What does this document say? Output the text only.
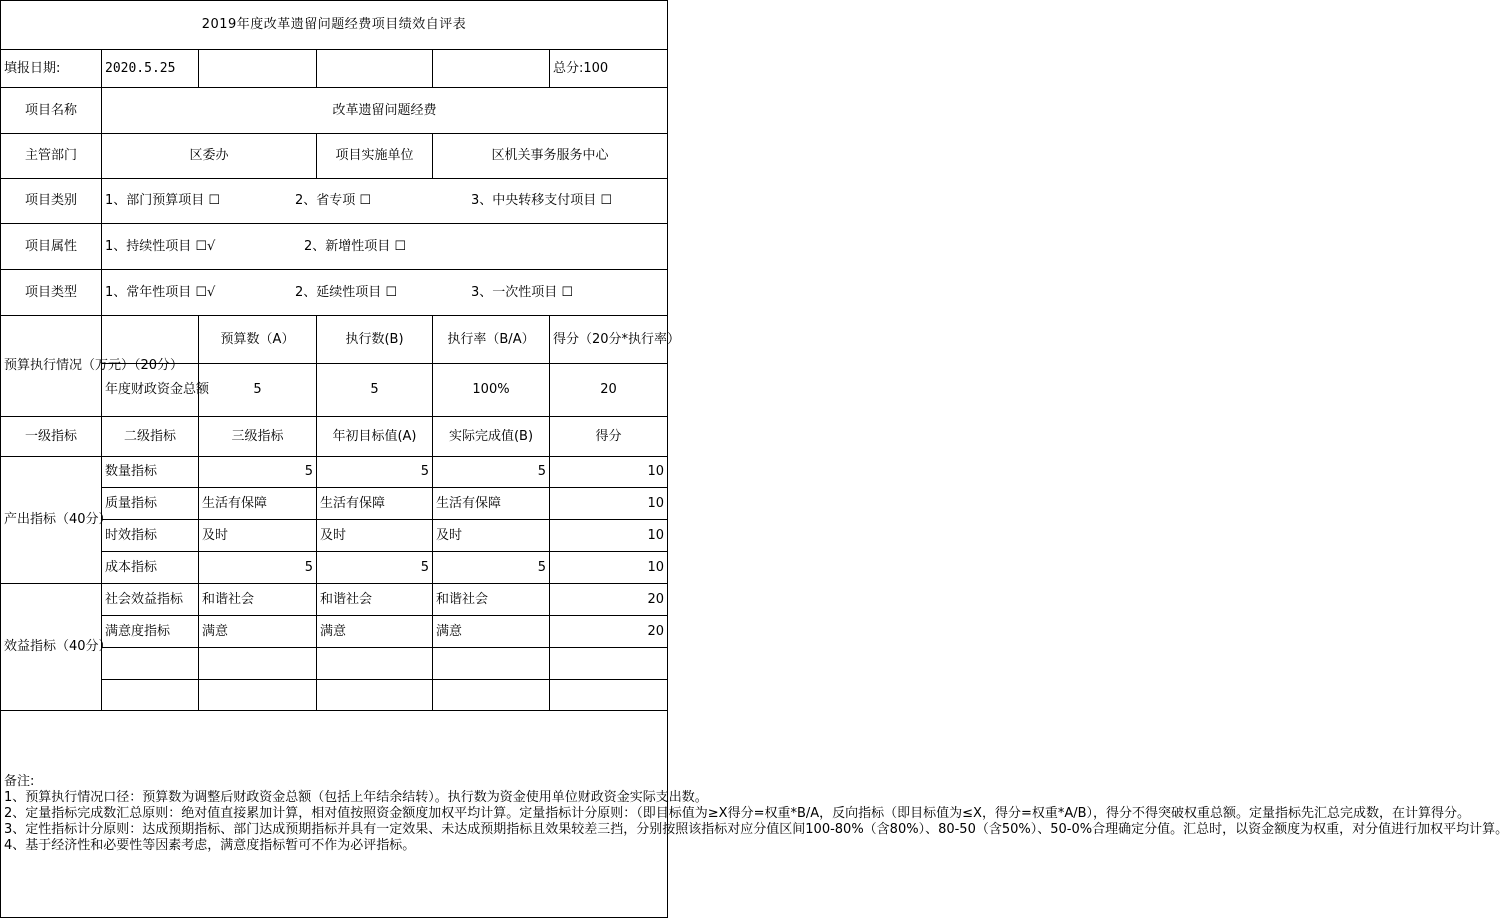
2019年度改革遗留问题经费项目绩效自评表					
填报日期:	2020.5.25				总分:100
项目名称	改革遗留问题经费				
主管部门	区委办		项目实施单位	区机关事务服务中心	
项目类别	1、部门预算项目 ☐ 2、省专项 ☐ 3、中央转移支付项目 ☐				
项目属性	1、持续性项目 ☐√ 2、新增性项目 ☐				
项目类型	1、常年性项目 ☐√ 2、延续性项目 ☐ 3、一次性项目 ☐				
预算执行情况（万元）（20分）		预算数（A）	执行数(B)	执行率（B/A）	得分（20分*执行率）
	年度财政资金总额	5	5	100%	20
一级指标	二级指标	三级指标	年初目标值(A)	实际完成值(B)	得分
产出指标（40分）	数量指标	5	5	5	10
	质量指标	生活有保障	生活有保障	生活有保障	10
	时效指标	及时	及时	及时	10
	成本指标	5	5	5	10
效益指标（40分）	社会效益指标	和谐社会	和谐社会	和谐社会	20
	满意度指标	满意	满意	满意	20

备注:
1、预算执行情况口径：预算数为调整后财政资金总额（包括上年结余结转）。执行数为资金使用单位财政资金实际支出数。
2、定量指标完成数汇总原则：绝对值直接累加计算，相对值按照资金额度加权平均计算。定量指标计分原则：（即目标值为≥X得分=权重*B/A，反向指标（即目标值为≤X，得分=权重*A/B），得分不得突破权重总额。定量指标先汇总完成数，在计算得分。
3、定性指标计分原则：达成预期指标、部门达成预期指标并具有一定效果、未达成预期指标且效果较差三挡，分别按照该指标对应分值区间100-80%（含80%）、80-50（含50%）、50-0%合理确定分值。汇总时，以资金额度为权重，对分值进行加权平均计算。
4、基于经济性和必要性等因素考虑，满意度指标暂可不作为必评指标。					
